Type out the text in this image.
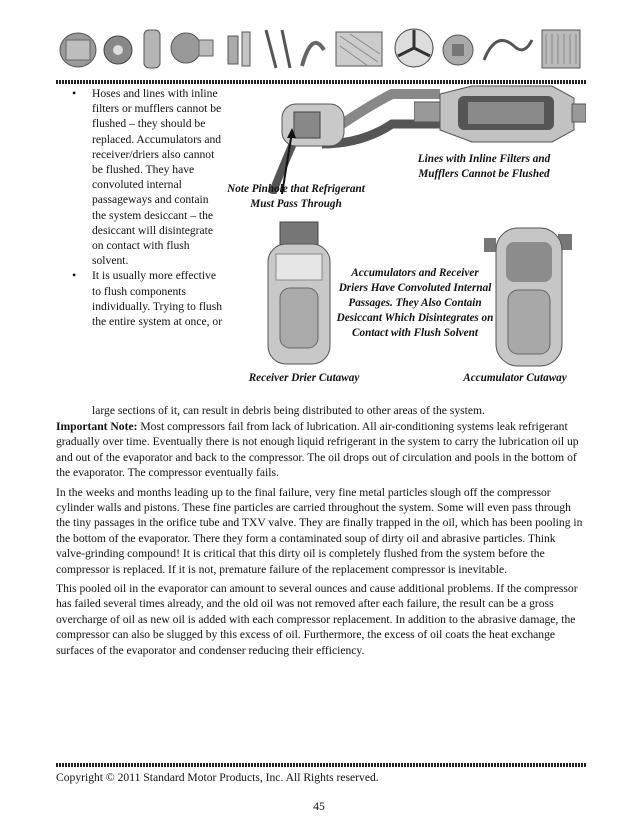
• Hoses and lines with inline filters or mufflers cannot be flushed – they should be replaced. Accumulators and receiver/driers also cannot be flushed. They have convoluted internal passageways and contain the system desiccant – the desiccant will disintegrate on contact with flush solvent.
• It is usually more effective to flush components individually. Trying to flush the entire system at once, or
large sections of it, can result in debris being distributed to other areas of the system.
Note Pinhole that Refrigerant Must Pass Through
Lines with Inline Filters and Mufflers Cannot be Flushed
Accumulators and Receiver Driers Have Convoluted Internal Passages. They Also Contain Desiccant Which Disintegrates on Contact with Flush Solvent
Receiver Drier Cutaway	Accumulator Cutaway

Important Note: Most compressors fail from lack of lubrication. All air-conditioning systems leak refrigerant gradually over time. Eventually there is not enough liquid refrigerant in the system to carry the lubrication oil up and out of the evaporator and back to the compressor. The oil drops out of circulation and pools in the bottom of the evaporator. The compressor eventually fails.

In the weeks and months leading up to the final failure, very fine metal particles slough off the compressor cylinder walls and pistons. These fine particles are carried throughout the system. Some will even pass through the tiny passages in the orifice tube and TXV valve. They are finally trapped in the oil, which has been pooling in the bottom of the evaporator. There they form a contaminated soup of dirty oil and abrasive particles. Think valve-grinding compound! It is critical that this dirty oil is completely flushed from the system before the compressor is replaced. If it is not, premature failure of the replacement compressor is inevitable.

This pooled oil in the evaporator can amount to several ounces and cause additional problems. If the compressor has failed several times already, and the old oil was not removed after each failure, the result can be a gross overcharge of oil as new oil is added with each compressor replacement. In addition to the abrasive damage, the compressor can also be slugged by this excess of oil. Furthermore, the excess of oil coats the heat exchange surfaces of the evaporator and condenser reducing their efficiency.

Copyright © 2011 Standard Motor Products, Inc. All Rights reserved.
45
